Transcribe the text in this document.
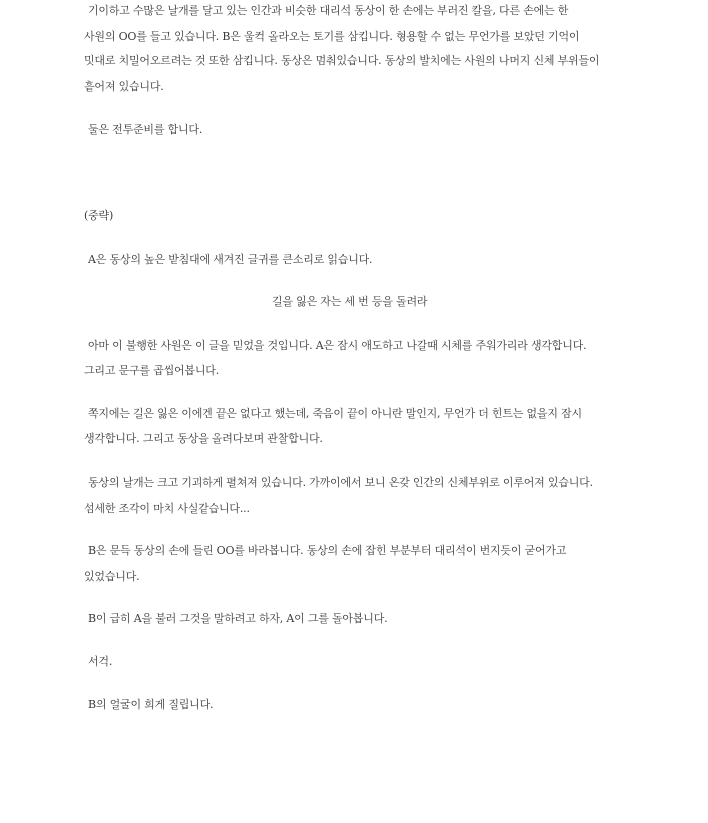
기이하고 수많은 날개를 달고 있는 인간과 비슷한 대리석 동상이 한 손에는 부러진 칼을, 다른 손에는 한
사원의 OO를 들고 있습니다. B은 울컥 올라오는 토기를 삼킵니다. 형용할 수 없는 무언가를 보았던 기억이
밋대로 치밀어오르려는 것 또한 삼킵니다. 동상은 멈춰있습니다. 동상의 발치에는 사원의 나머지 신체 부위들이
흩어져 있습니다.
둘은 전투준비를 합니다.
(중략)
A은 동상의 높은 받침대에 새겨진 글귀를 큰소리로 읽습니다.
길을 잃은 자는 세 번 등을 돌려라
아마 이 불행한 사원은 이 글을 믿었을 것입니다. A은 잠시 애도하고 나갈때 시체를 주워가리라 생각합니다.
그리고 문구를 곱씹어봅니다.
쪽지에는 길은 잃은 이에겐 끝은 없다고 했는데, 죽음이 끝이 아니란 말인지, 무언가 더 힌트는 없을지 잠시
생각합니다. 그리고 동상을 올려다보며 관찰합니다.
동상의 날개는 크고 기괴하게 펼쳐져 있습니다. 가까이에서 보니 온갖 인간의 신체부위로 이루어져 있습니다.
섬세한 조각이 마치 사실같습니다...
B은 문득 동상의 손에 들린 OO를 바라봅니다. 동상의 손에 잡힌 부분부터 대리석이 번지듯이 굳어가고
있었습니다.
B이 급히 A을 불러 그것을 말하려고 하자, A이 그를 돌아봅니다.
서걱.
B의 얼굴이 희게 질립니다.
